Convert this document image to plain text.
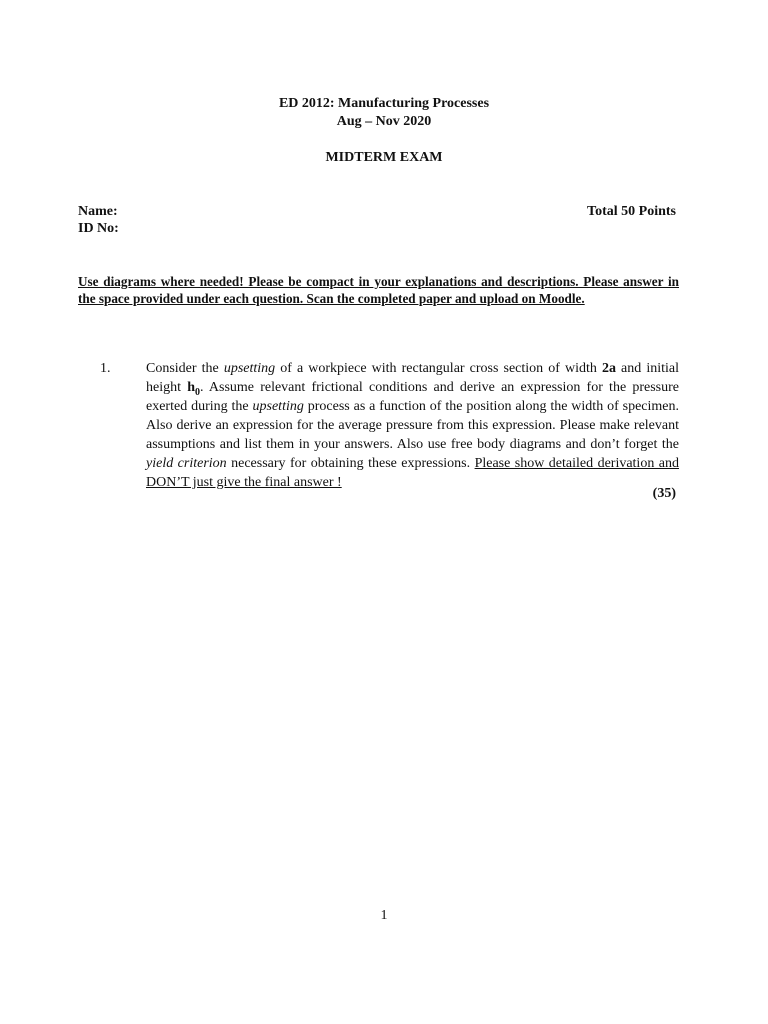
ED 2012: Manufacturing Processes
Aug – Nov 2020
MIDTERM EXAM
Name:
ID No:
Total 50 Points
Use diagrams where needed! Please be compact in your explanations and descriptions. Please answer in the space provided under each question. Scan the completed paper and upload on Moodle.
1.	Consider the upsetting of a workpiece with rectangular cross section of width 2a and initial height $h_0$. Assume relevant frictional conditions and derive an expression for the pressure exerted during the upsetting process as a function of the position along the width of specimen. Also derive an expression for the average pressure from this expression. Please make relevant assumptions and list them in your answers. Also use free body diagrams and don’t forget the yield criterion necessary for obtaining these expressions. Please show detailed derivation and DON’T just give the final answer !
(35)
1
